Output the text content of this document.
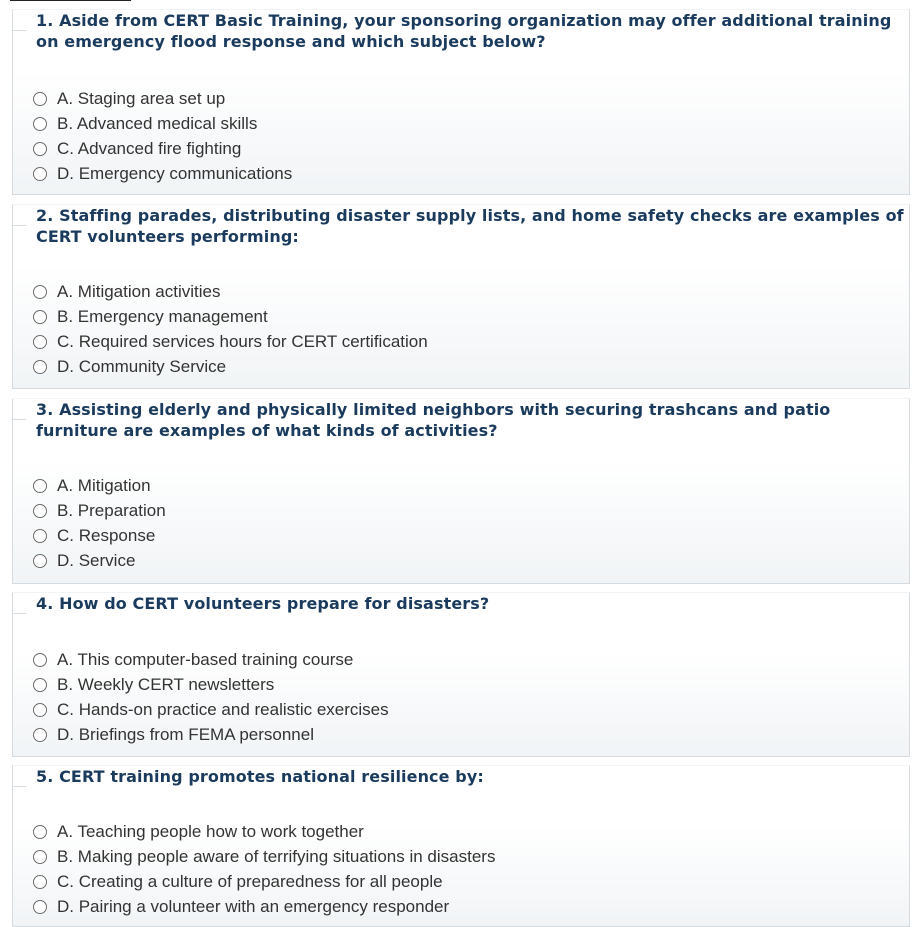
1. Aside from CERT Basic Training, your sponsoring organization may offer additional training on emergency flood response and which subject below?
A. Staging area set up
B. Advanced medical skills
C. Advanced fire fighting
D. Emergency communications
2. Staffing parades, distributing disaster supply lists, and home safety checks are examples of CERT volunteers performing:
A. Mitigation activities
B. Emergency management
C. Required services hours for CERT certification
D. Community Service
3. Assisting elderly and physically limited neighbors with securing trashcans and patio furniture are examples of what kinds of activities?
A. Mitigation
B. Preparation
C. Response
D. Service
4. How do CERT volunteers prepare for disasters?
A. This computer-based training course
B. Weekly CERT newsletters
C. Hands-on practice and realistic exercises
D. Briefings from FEMA personnel
5. CERT training promotes national resilience by:
A. Teaching people how to work together
B. Making people aware of terrifying situations in disasters
C. Creating a culture of preparedness for all people
D. Pairing a volunteer with an emergency responder
